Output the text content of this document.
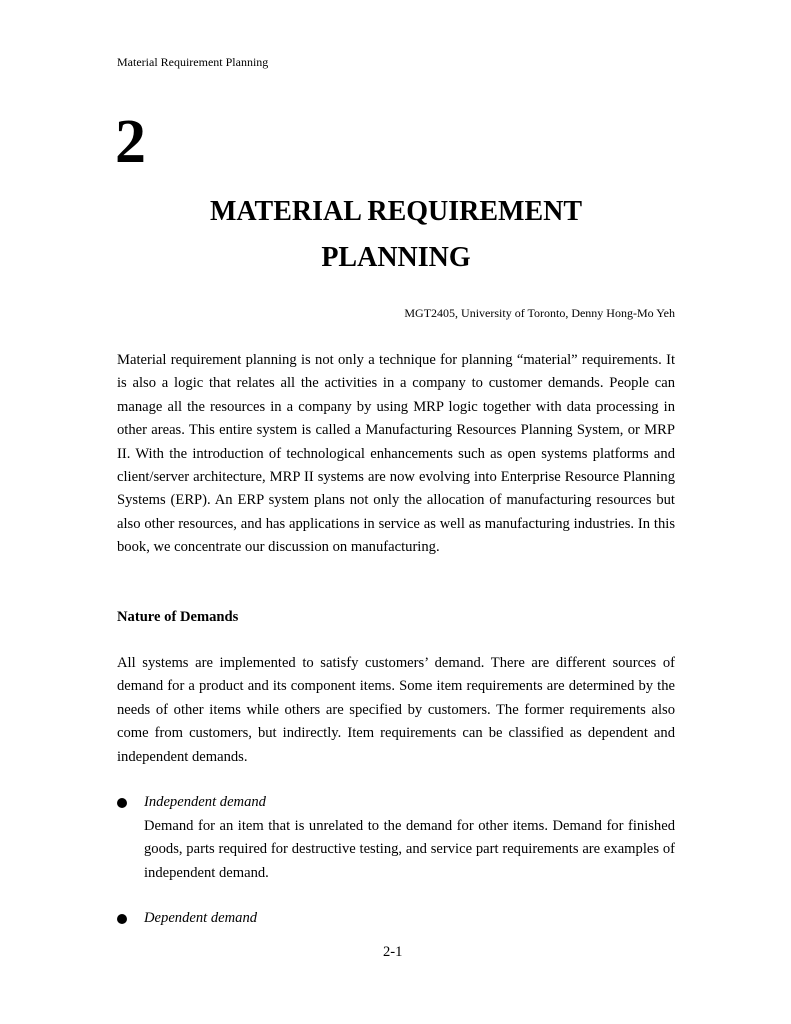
Material Requirement Planning
2
MATERIAL REQUIREMENT
PLANNING
MGT2405, University of Toronto, Denny Hong-Mo Yeh

Material requirement planning is not only a technique for planning “material” requirements. It is also a logic that relates all the activities in a company to customer demands. People can manage all the resources in a company by using MRP logic together with data processing in other areas. This entire system is called a Manufacturing Resources Planning System, or MRP II. With the introduction of technological enhancements such as open systems platforms and client/server architecture, MRP II systems are now evolving into Enterprise Resource Planning Systems (ERP). An ERP system plans not only the allocation of manufacturing resources but also other resources, and has applications in service as well as manufacturing industries. In this book, we concentrate our discussion on manufacturing.

Nature of Demands

All systems are implemented to satisfy customers’ demand. There are different sources of demand for a product and its component items. Some item requirements are determined by the needs of other items while others are specified by customers. The former requirements also come from customers, but indirectly. Item requirements can be classified as dependent and independent demands.

Independent demand

Demand for an item that is unrelated to the demand for other items. Demand for finished goods, parts required for destructive testing, and service part requirements are examples of independent demand.

Dependent demand
2-1
